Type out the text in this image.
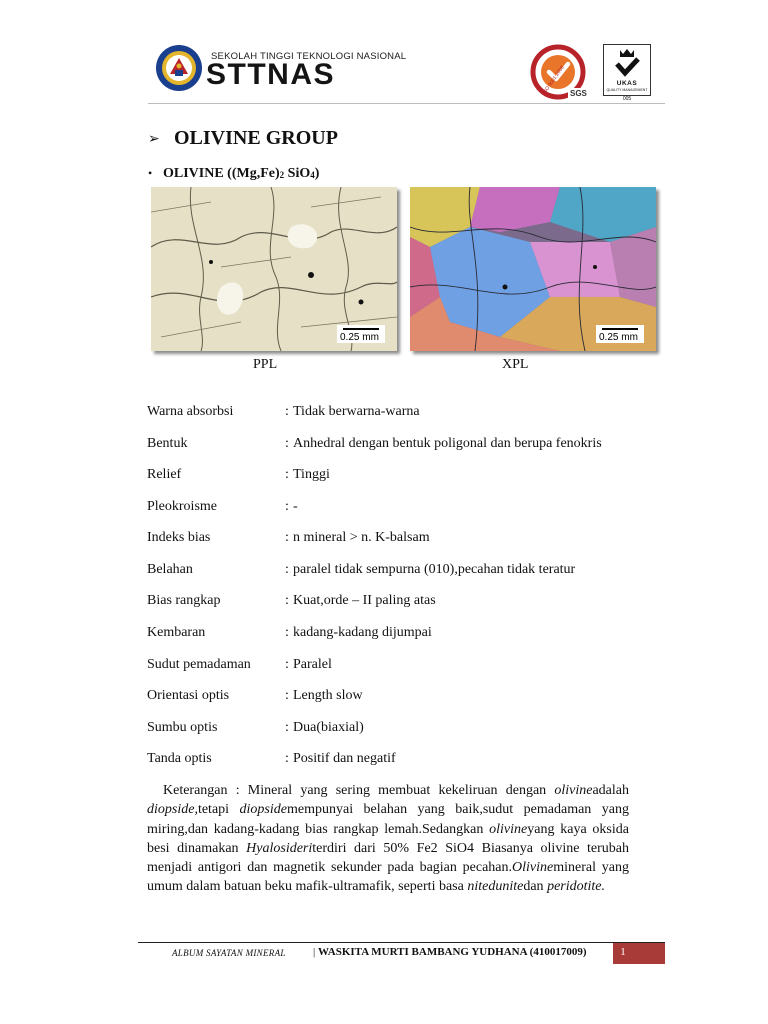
SEKOLAH TINGGI TEKNOLOGI NASIONAL
STTNAS	ISO 9001:2008 SGS
UKAS
QUALITY MANAGEMENT
005
➢ OLIVINE GROUP
• OLIVINE ($(Mg,Fe)_2$ SiO$_4$)
0.25 mm	0.25 mm
PPL	XPL
Warna absorbsi	: Tidak berwarna-warna
Bentuk	: Anhedral dengan bentuk poligonal dan berupa fenokris
Relief	: Tinggi
Pleokroisme	: -
Indeks bias	: n mineral > n. K-balsam
Belahan	: paralel tidak sempurna (010),pecahan tidak teratur
Bias rangkap	: Kuat,orde – II paling atas
Kembaran	: kadang-kadang dijumpai
Sudut pemadaman : Paralel
Orientasi optis	: Length slow
Sumbu optis	: Dua(biaxial)
Tanda optis	: Positif dan negatif
Keterangan : Mineral yang sering membuat kekeliruan dengan olivineadalah diopside,tetapi diopsidemempunyai belahan yang baik,sudut pemadaman yang miring,dan kadang-kadang bias rangkap lemah.Sedangkan olivineyang kaya oksida besi dinamakan Hyalosideriterdiri dari 50% Fe2 SiO4 Biasanya olivine terubah menjadi antigori dan magnetik sekunder pada bagian pecahan.Olivinemineral yang umum dalam batuan beku mafik-ultramafik, seperti basa nitedunitedan peridotite.
1
ALBUM SAYATAN MINERAL | WASKITA MURTI BAMBANG YUDHANA (410017009)
